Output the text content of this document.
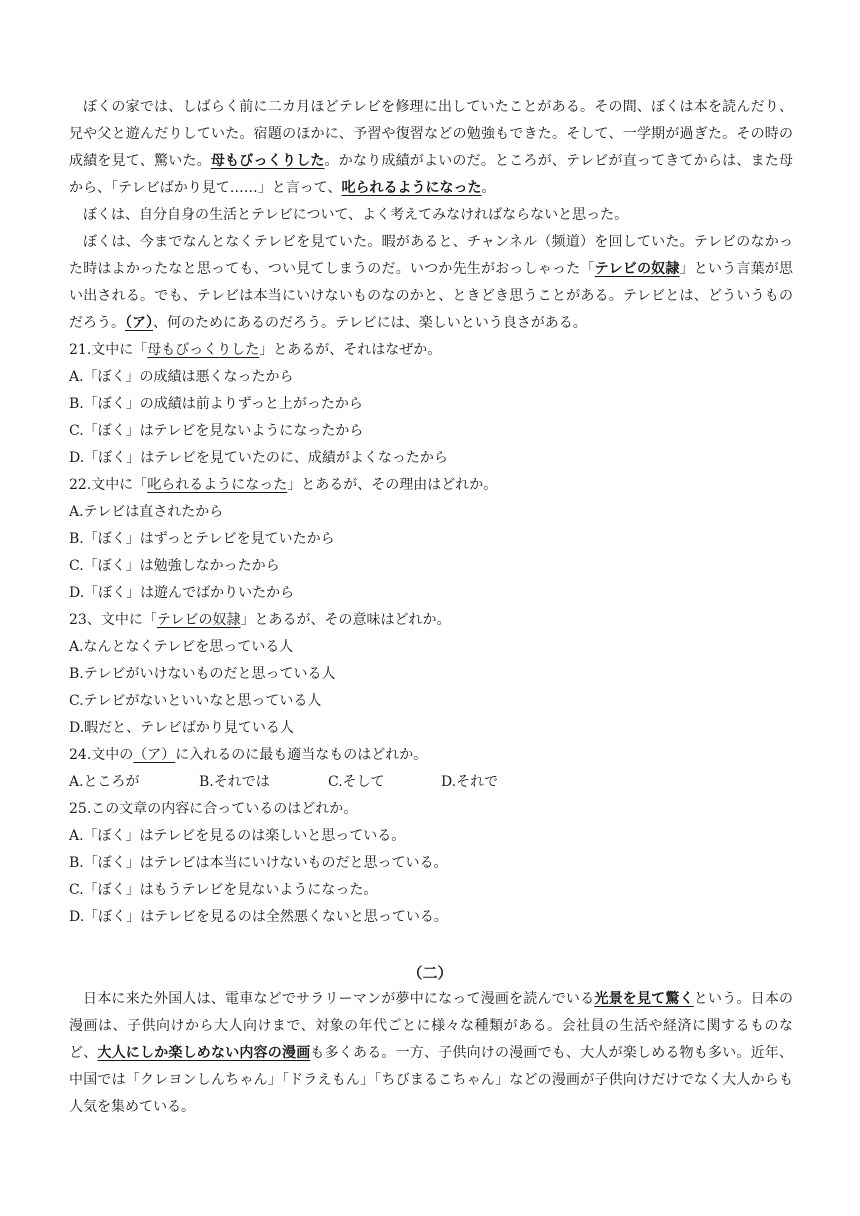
ぼくの家では、しばらく前に二カ月ほどテレビを修理に出していたことがある。その間、ぼくは本を読んだり、兄や父と遊んだりしていた。宿題のほかに、予習や復習などの勉強もできた。そして、一学期が過ぎた。その時の成績を見て、驚いた。母もびっくりした。かなり成績がよいのだ。ところが、テレビが直ってきてからは、また母から、「テレビばかり見て……」と言って、叱られるようになった。

ぼくは、自分自身の生活とテレビについて、よく考えてみなければならないと思った。

ぼくは、今までなんとなくテレビを見ていた。暇があると、チャンネル（频道）を回していた。テレビのなかった時はよかったなと思っても、つい見てしまうのだ。いつか先生がおっしゃった「テレビの奴隷」という言葉が思い出される。でも、テレビは本当にいけないものなのかと、ときどき思うことがある。テレビとは、どういうものだろう。（ア）、何のためにあるのだろう。テレビには、楽しいという良さがある。

21.文中に「母もびっくりした」とあるが、それはなぜか。
A.「ぼく」の成績は悪くなったから
B.「ぼく」の成績は前よりずっと上がったから
C.「ぼく」はテレビを見ないようになったから
D.「ぼく」はテレビを見ていたのに、成績がよくなったから
22.文中に「叱られるようになった」とあるが、その理由はどれか。
A.テレビは直されたから
B.「ぼく」はずっとテレビを見ていたから
C.「ぼく」は勉強しなかったから
D.「ぼく」は遊んでばかりいたから
23、文中に「テレビの奴隷」とあるが、その意味はどれか。
A.なんとなくテレビを思っている人
B.テレビがいけないものだと思っている人
C.テレビがないといいなと思っている人
D.暇だと、テレビばかり見ている人
24.文中の（ア）に入れるのに最も適当なものはどれか。
A.ところが	B.それでは	C.そして	D.それで
25.この文章の内容に合っているのはどれか。
A.「ぼく」はテレビを見るのは楽しいと思っている。
B.「ぼく」はテレビは本当にいけないものだと思っている。
C.「ぼく」はもうテレビを見ないようになった。
D.「ぼく」はテレビを見るのは全然悪くないと思っている。
（二）

日本に来た外国人は、電車などでサラリーマンが夢中になって漫画を読んでいる光景を見て驚くという。日本の漫画は、子供向けから大人向けまで、対象の年代ごとに様々な種類がある。会社員の生活や経済に関するものなど、大人にしか楽しめない内容の漫画も多くある。一方、子供向けの漫画でも、大人が楽しめる物も多い。近年、中国では「クレヨンしんちゃん」「ドラえもん」「ちびまるこちゃん」などの漫画が子供向けだけでなく大人からも人気を集めている。
